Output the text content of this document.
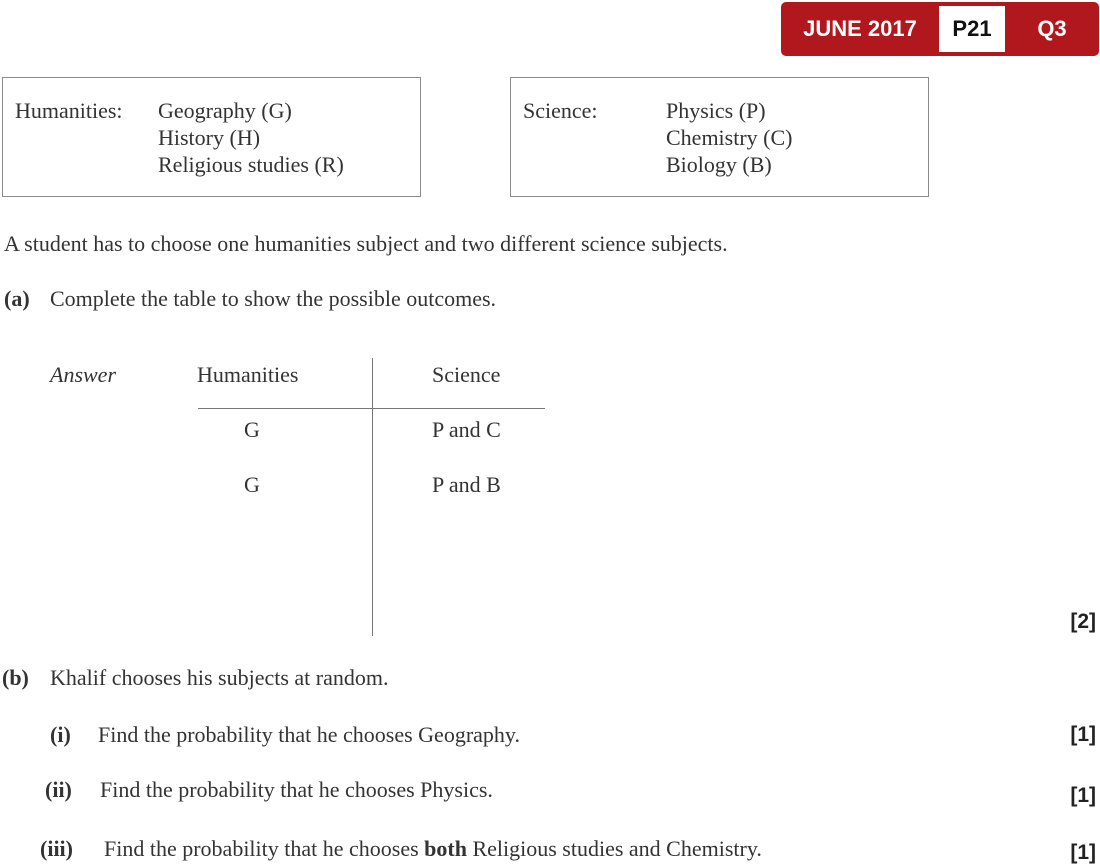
JUNE 2017	P21	Q3
Humanities: Geography (G)
History (H)
Religious studies (R)
Science:	Physics (P)
Chemistry (C)
Biology (B)
A student has to choose one humanities subject and two different science subjects.
(a) Complete the table to show the possible outcomes.
Answer	Humanities	Science
G	P and C
G	P and B
[2]
(b) Khalif chooses his subjects at random.
(i) Find the probability that he chooses Geography.	[1]
(ii) Find the probability that he chooses Physics.	[1]
(iii) Find the probability that he chooses both Religious studies and Chemistry.	[1]
